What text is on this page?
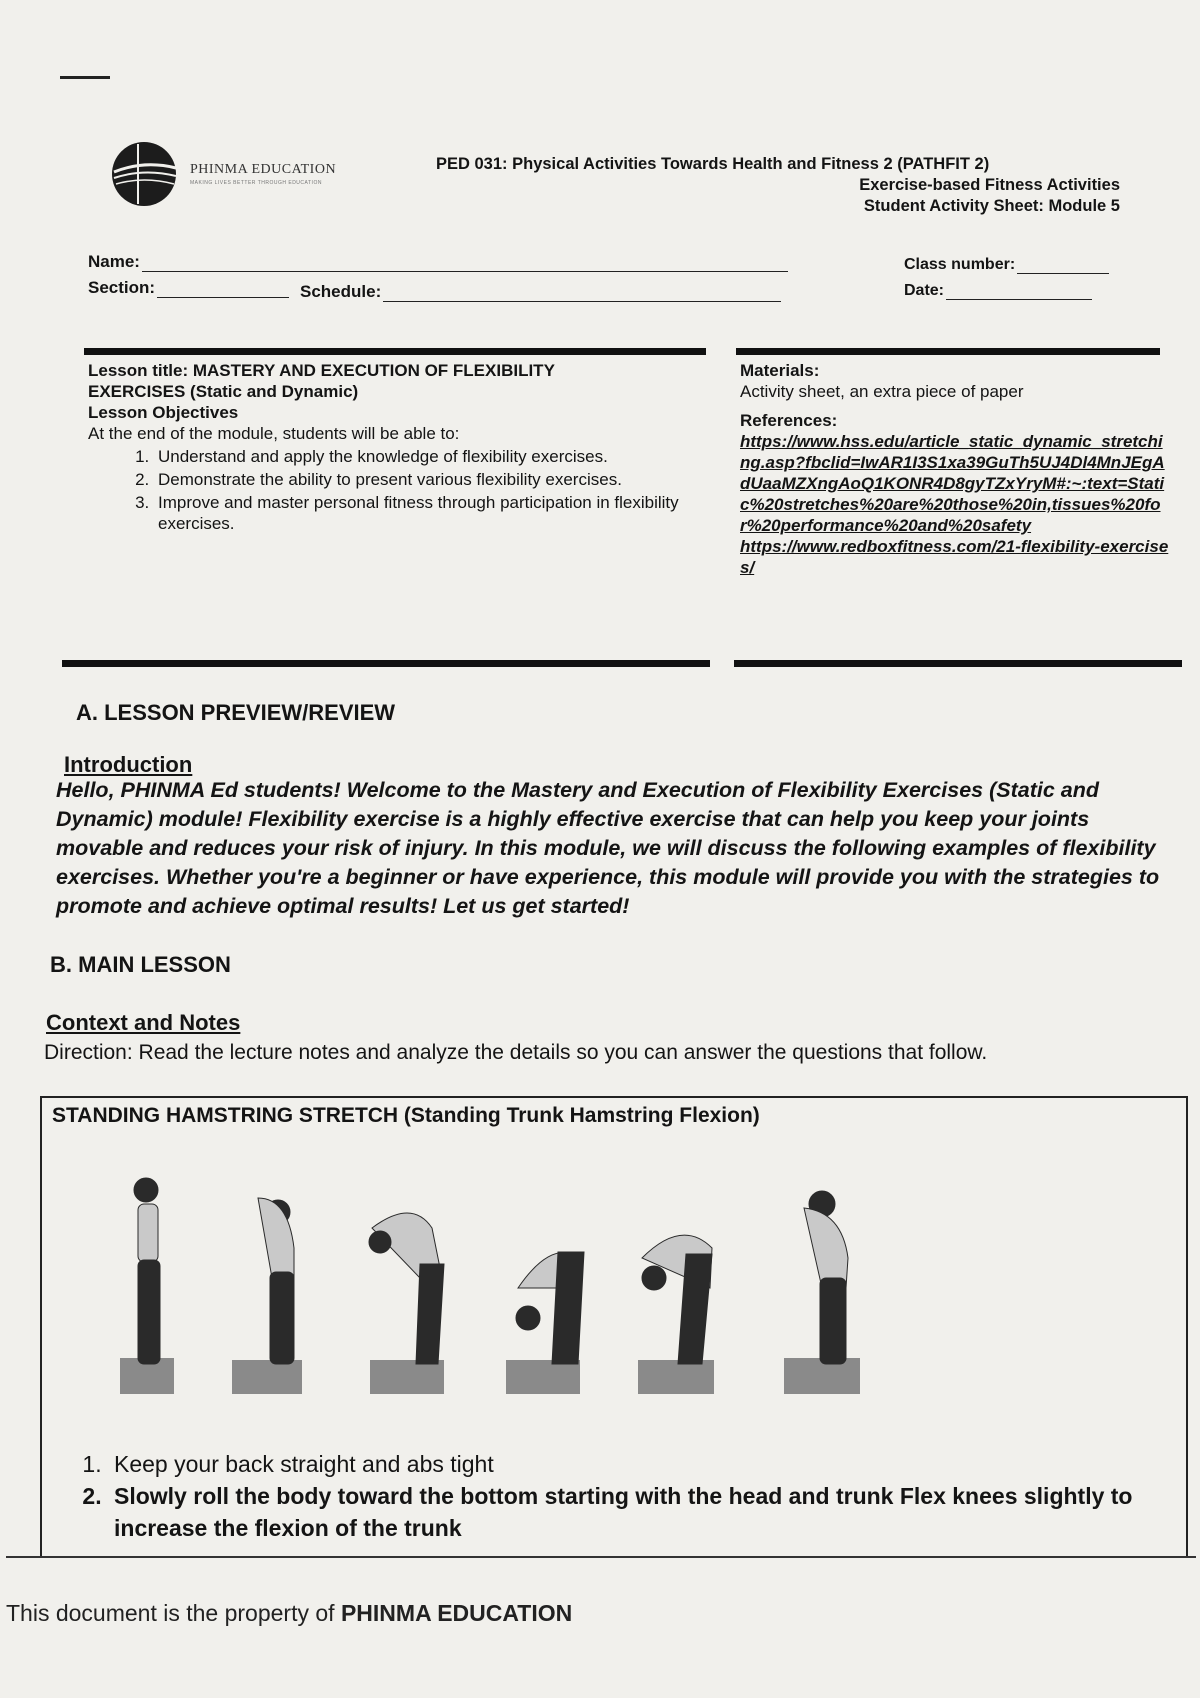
PHINMA EDUCATION
MAKING LIVES BETTER THROUGH EDUCATION
PED 031: Physical Activities Towards Health and Fitness 2 (PATHFIT 2)
Exercise-based Fitness Activities
Student Activity Sheet: Module 5
Name:
Section:	Schedule:
Class number:
Date:
Lesson title: MASTERY AND EXECUTION OF FLEXIBILITY
EXERCISES (Static and Dynamic)
Lesson Objectives
At the end of the module, students will be able to:
1. Understand and apply the knowledge of flexibility exercises.
2. Demonstrate the ability to present various flexibility exercises.
3. Improve and master personal fitness through participation in flexibility exercises.
Materials:
Activity sheet, an extra piece of paper
References:
https://www.hss.edu/article_static_dynamic_stretching.asp?fbclid=IwAR1I3S1xa39GuTh5UJ4Dl4MnJEgAdUaaMZXngAoQ1KONR4D8gyTZxYryM#:~:text=Static%20stretches%20are%20those%20in,tissues%20for%20performance%20and%20safety
https://www.redboxfitness.com/21-flexibility-exercises/
A. LESSON PREVIEW/REVIEW
Introduction
Hello, PHINMA Ed students! Welcome to the Mastery and Execution of Flexibility Exercises (Static and Dynamic) module! Flexibility exercise is a highly effective exercise that can help you keep your joints movable and reduces your risk of injury. In this module, we will discuss the following examples of flexibility exercises. Whether you're a beginner or have experience, this module will provide you with the strategies to promote and achieve optimal results! Let us get started!
B. MAIN LESSON
Context and Notes
Direction: Read the lecture notes and analyze the details so you can answer the questions that follow.
STANDING HAMSTRING STRETCH (Standing Trunk Hamstring Flexion)
1. Keep your back straight and abs tight
2. Slowly roll the body toward the bottom starting with the head and trunk Flex knees slightly to increase the flexion of the trunk
This document is the property of PHINMA EDUCATION
